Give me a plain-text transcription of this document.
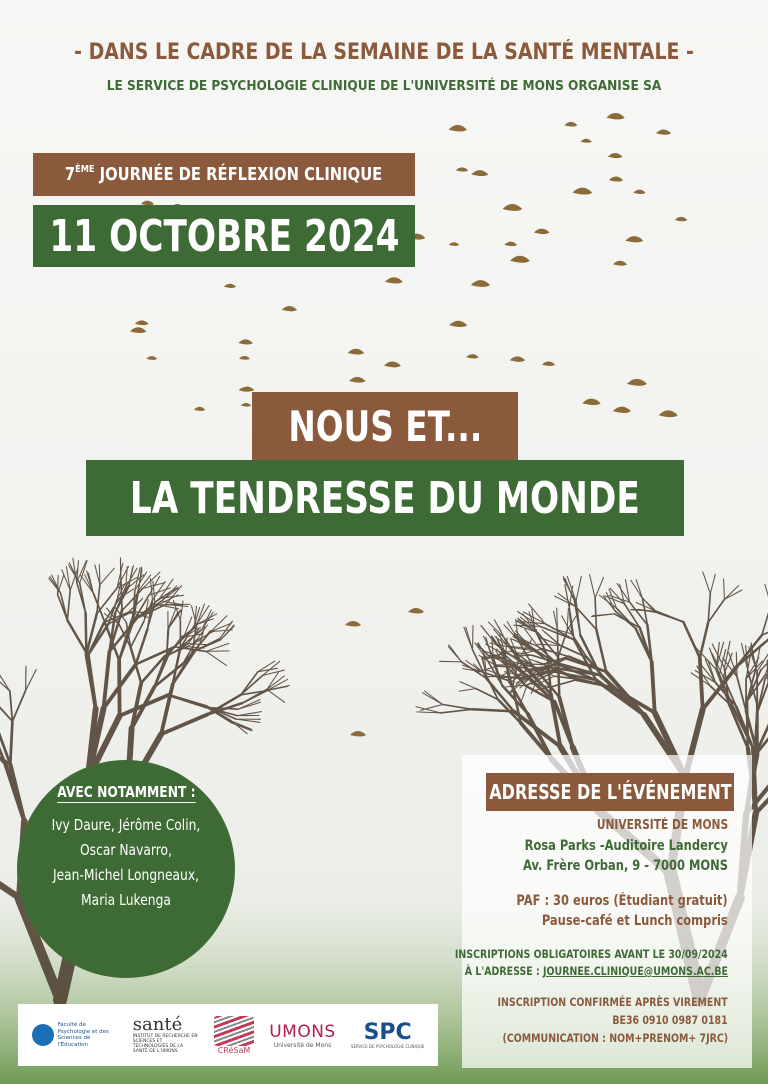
- DANS LE CADRE DE LA SEMAINE DE LA SANTÉ MENTALE -
LE SERVICE DE PSYCHOLOGIE CLINIQUE DE L'UNIVERSITÉ DE MONS ORGANISE SA
7ÈME JOURNÉE DE RÉFLEXION CLINIQUE
11 OCTOBRE 2024
NOUS ET...
LA TENDRESSE DU MONDE
AVEC NOTAMMENT :
Ivy Daure, Jérôme Colin,
Oscar Navarro,
Jean-Michel Longneaux,
Maria Lukenga
ADRESSE DE L'ÉVÉNEMENT
UNIVERSITÉ DE MONS
Rosa Parks -Auditoire Landercy
Av. Frère Orban, 9 - 7000 MONS
PAF : 30 euros (Étudiant gratuit)
Pause-café et Lunch compris
INSCRIPTIONS OBLIGATOIRES AVANT LE 30/09/2024
À L'ADRESSE : JOURNEE.CLINIQUE@UMONS.AC.BE
INSCRIPTION CONFIRMÉE APRÈS VIREMENT
BE36 0910 0987 0181
(COMMUNICATION : NOM+PRENOM+ 7JRC)
Faculté de Psychologie et des Sciences de l'Éducation
santé
INSTITUT DE RECHERCHE EN SCIENCES ET TECHNOLOGIES DE LA SANTÉ DE L'UMONS	CRéSaM
UMONS
Université de Mons
SPC
SERVICE DE PSYCHOLOGIE CLINIQUE
